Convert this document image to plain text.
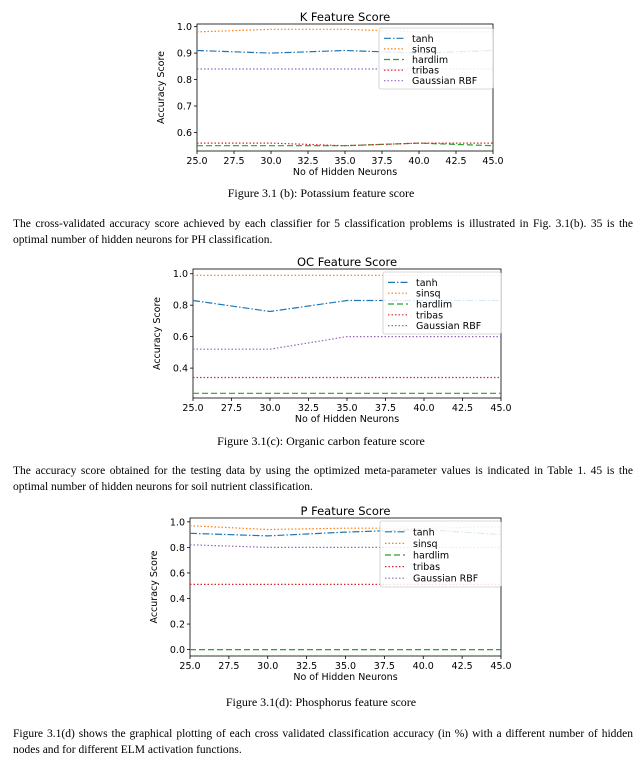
K Feature Score
25.0 27.5 30.0 32.5 35.0 37.5 40.0 42.5 45.0
0.6
0.7
0.8
0.9
1.0
No of Hidden Neurons
Accuracy Score
tanh
sinsq
hardlim
tribas
Gaussian RBF
Figure 3.1 (b): Potassium feature score
The cross-validated accuracy score achieved by each classifier for 5 classification problems is illustrated in Fig. 3.1(b). 35 is the optimal number of hidden neurons for PH classification.
OC Feature Score
25.0 27.5 30.0 32.5 35.0 37.5 40.0 42.5 45.0
0.4
0.6
0.8
1.0
No of Hidden Neurons
Accuracy Score
tanh
sinsq
hardlim
tribas
Gaussian RBF
Figure 3.1(c): Organic carbon feature score
The accuracy score obtained for the testing data by using the optimized meta-parameter values is indicated in Table 1. 45 is the optimal number of hidden neurons for soil nutrient classification.
P Feature Score
25.0 27.5 30.0 32.5 35.0 37.5 40.0 42.5 45.0
0.0
0.2
0.4
0.6
0.8
1.0
No of Hidden Neurons
Accuracy Score
tanh
sinsq
hardlim
tribas
Gaussian RBF
Figure 3.1(d): Phosphorus feature score
Figure 3.1(d) shows the graphical plotting of each cross validated classification accuracy (in %) with a different number of hidden nodes and for different ELM activation functions.
